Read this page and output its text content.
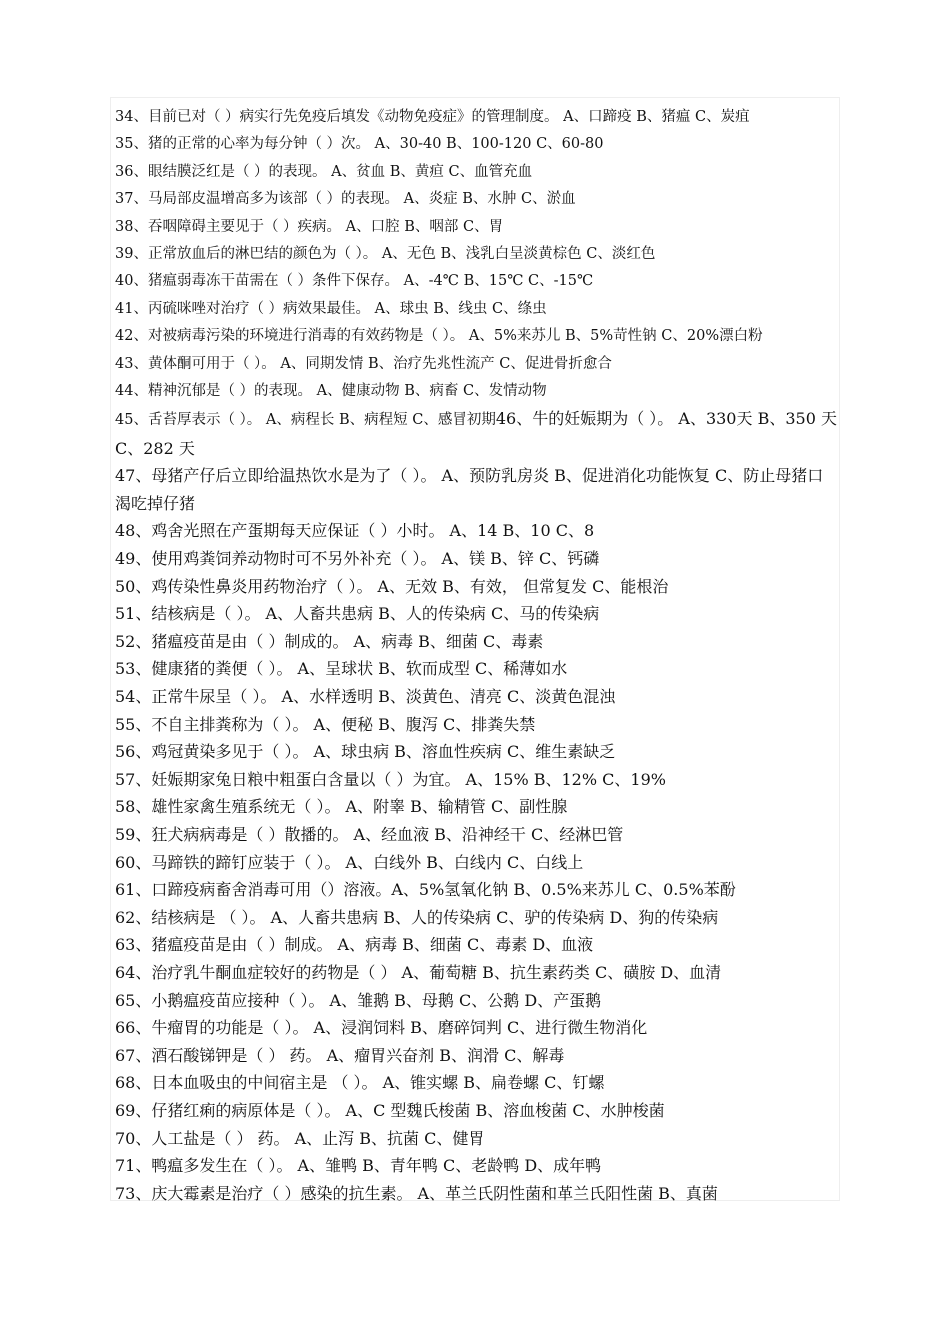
34、目前已对（ ）病实行先免疫后填发《动物免疫症》的管理制度。 A、口蹄疫 B、猪瘟 C、炭疽

35、猪的正常的心率为每分钟（ ）次。 A、30-40 B、100-120 C、60-80

36、眼结膜泛红是（ ）的表现。 A、贫血 B、黄疸 C、血管充血

37、马局部皮温增高多为该部（ ）的表现。 A、炎症 B、水肿 C、淤血

38、吞咽障碍主要见于（ ）疾病。 A、口腔 B、咽部 C、胃

39、正常放血后的淋巴结的颜色为（ ）。 A、无色 B、浅乳白呈淡黄棕色 C、淡红色

40、猪瘟弱毒冻干苗需在（ ）条件下保存。 A、-4℃ B、15℃ C、-15℃

41、丙硫咪唑对治疗（ ）病效果最佳。 A、球虫 B、线虫 C、绦虫

42、对被病毒污染的环境进行消毒的有效药物是（ ）。 A、5%来苏儿 B、5%苛性钠 C、20%漂白粉

43、黄体酮可用于（ ）。 A、同期发情 B、治疗先兆性流产 C、促进骨折愈合

44、精神沉郁是（ ）的表现。 A、健康动物 B、病畜 C、发情动物

45、舌苔厚表示（ ）。 A、病程长 B、病程短 C、感冒初期46、牛的妊娠期为（ ）。 A、330天 B、350 天 C、282 天

47、母猪产仔后立即给温热饮水是为了（ ）。 A、预防乳房炎 B、促进消化功能恢复 C、防止母猪口渴吃掉仔猪

48、鸡舍光照在产蛋期每天应保证（ ）小时。 A、14 B、10 C、8

49、使用鸡粪饲养动物时可不另外补充（ ）。 A、镁 B、锌 C、钙磷

50、鸡传染性鼻炎用药物治疗（ ）。 A、无效 B、有效， 但常复发 C、能根治

51、结核病是（ ）。 A、人畜共患病 B、人的传染病 C、马的传染病

52、猪瘟疫苗是由（ ）制成的。 A、病毒 B、细菌 C、毒素

53、健康猪的粪便（ ）。 A、呈球状 B、软而成型 C、稀薄如水

54、正常牛尿呈（ ）。 A、水样透明 B、淡黄色、清亮 C、淡黄色混浊

55、不自主排粪称为（ ）。 A、便秘 B、腹泻 C、排粪失禁

56、鸡冠黄染多见于（ ）。 A、球虫病 B、溶血性疾病 C、维生素缺乏

57、妊娠期家兔日粮中粗蛋白含量以（ ）为宜。 A、15% B、12% C、19%

58、雄性家禽生殖系统无（ ）。 A、附睾 B、输精管 C、副性腺

59、狂犬病病毒是（ ）散播的。 A、经血液 B、沿神经干 C、经淋巴管

60、马蹄铁的蹄钉应装于（ ）。 A、白线外 B、白线内 C、白线上

61、口蹄疫病畜舍消毒可用（）溶液。A、5%氢氧化钠 B、0.5%来苏儿 C、0.5%苯酚

62、结核病是 （ ）。 A、人畜共患病 B、人的传染病 C、驴的传染病 D、狗的传染病

63、猪瘟疫苗是由（ ）制成。 A、病毒 B、细菌 C、毒素 D、血液

64、治疗乳牛酮血症较好的药物是（ ） A、葡萄糖 B、抗生素药类 C、磺胺 D、血清

65、小鹅瘟疫苗应接种（ ）。 A、雏鹅 B、母鹅 C、公鹅 D、产蛋鹅

66、牛瘤胃的功能是（ ）。 A、浸润饲料 B、磨碎饲判 C、进行微生物消化

67、酒石酸锑钾是（ ） 药。 A、瘤胃兴奋剂 B、润滑 C、解毒

68、日本血吸虫的中间宿主是 （ ）。 A、锥实螺 B、扁卷螺 C、钉螺

69、仔猪红痢的病原体是（ ）。 A、C 型魏氏梭菌 B、溶血梭菌 C、水肿梭菌

70、人工盐是（ ） 药。 A、止泻 B、抗菌 C、健胃

71、鸭瘟多发生在（ ）。 A、雏鸭 B、青年鸭 C、老龄鸭 D、成年鸭

73、庆大霉素是治疗（ ）感染的抗生素。 A、革兰氏阴性菌和革兰氏阳性菌 B、真菌
